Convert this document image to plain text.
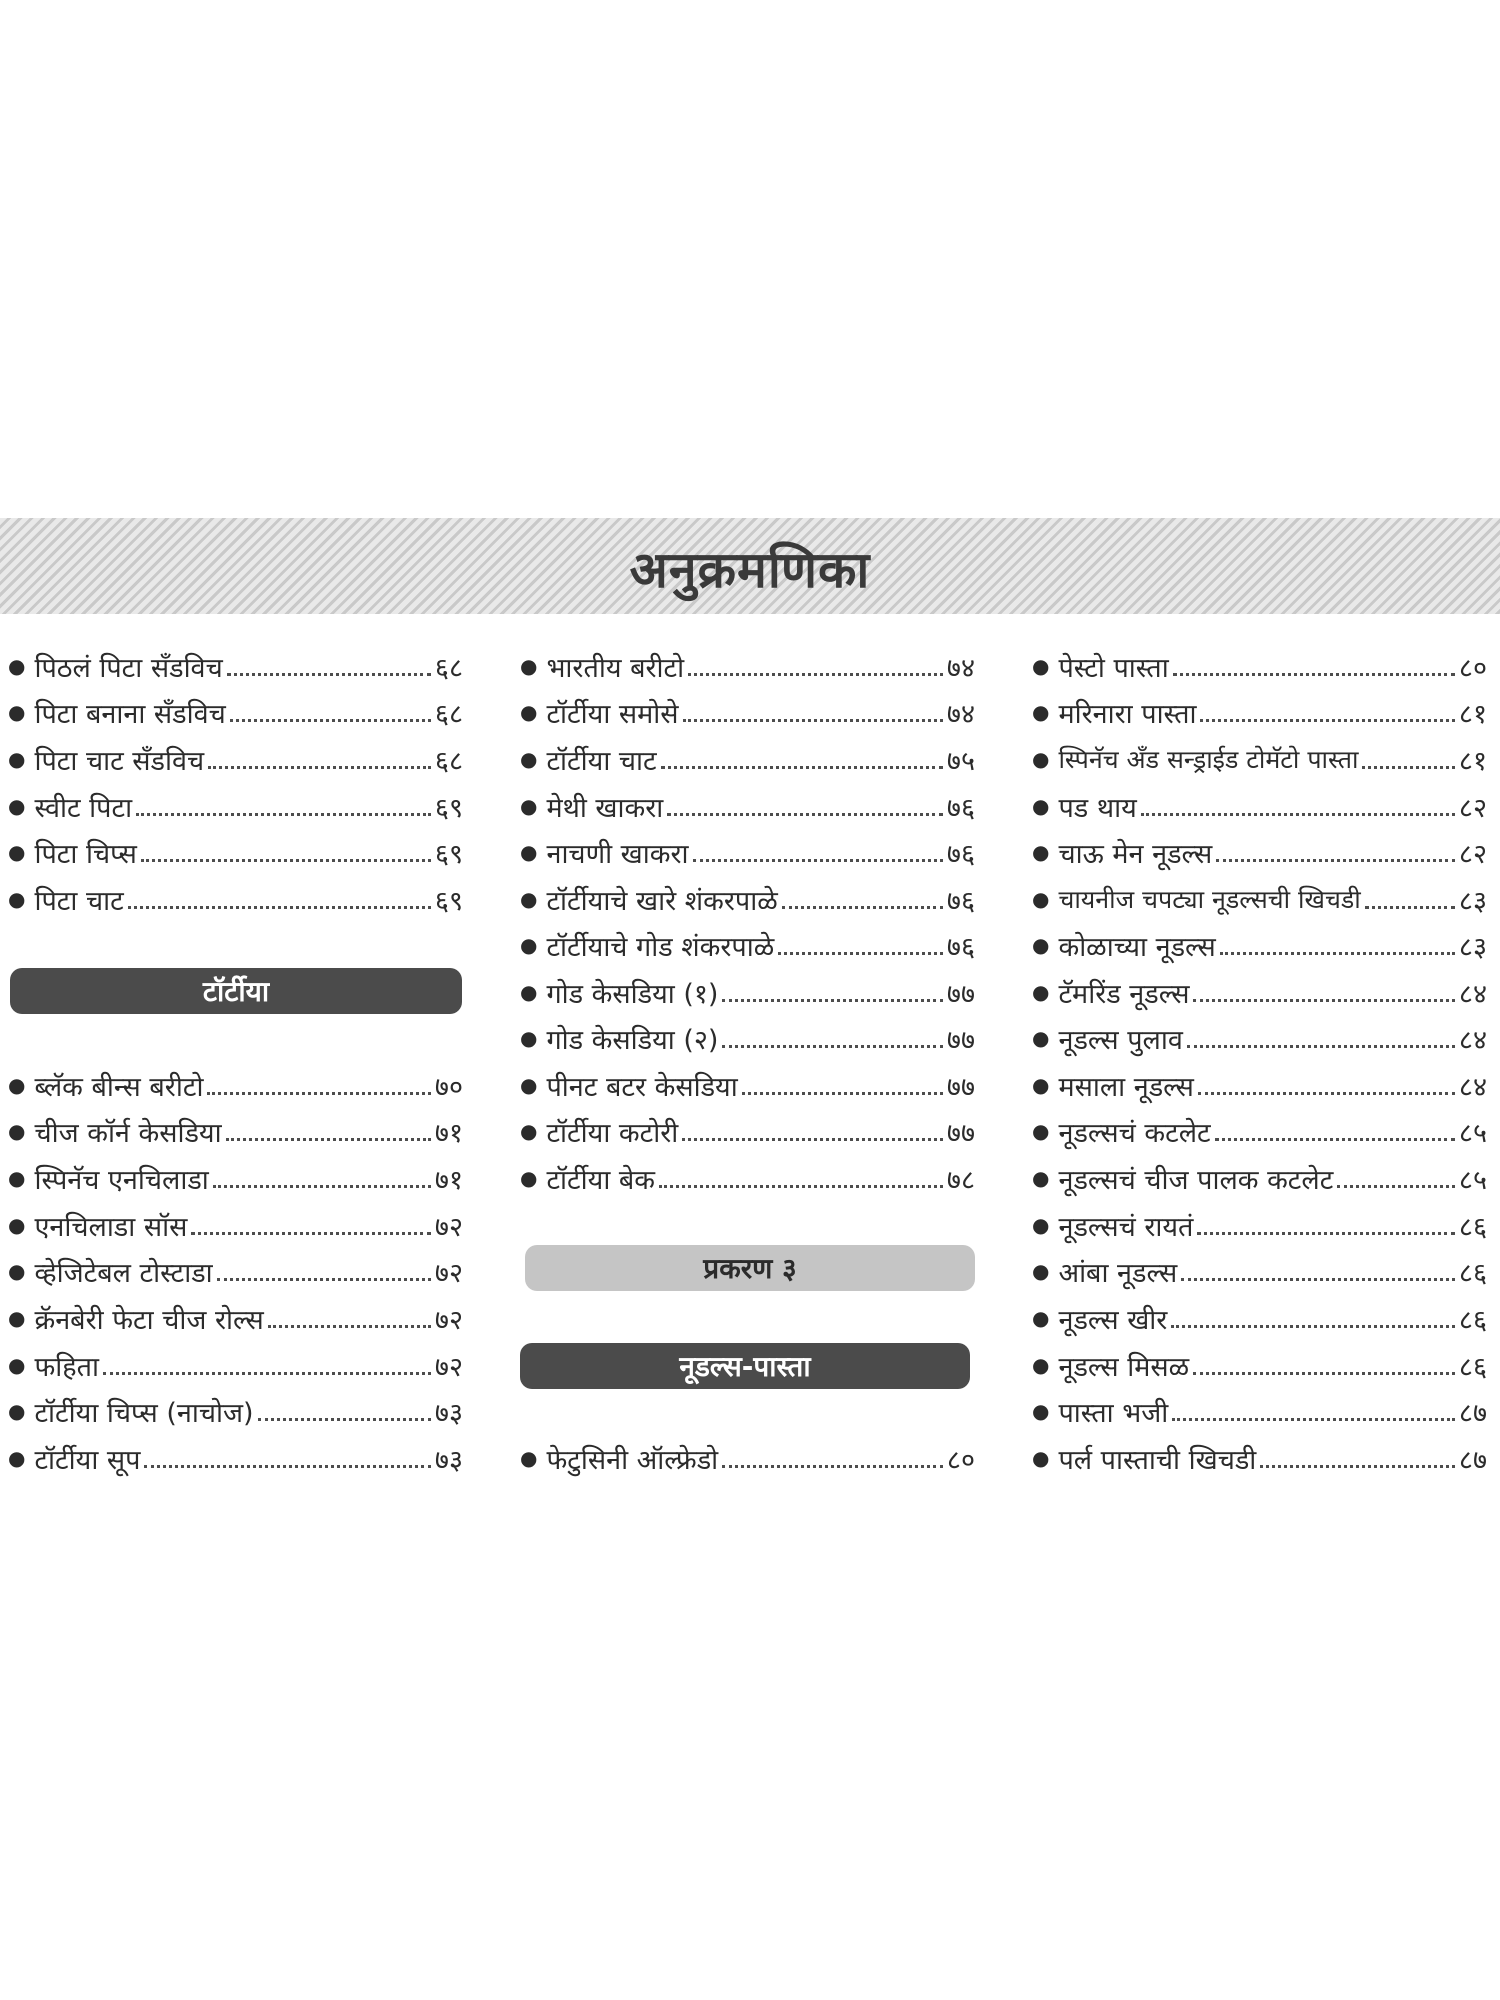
अनुक्रमणिका
● पिठलं पिटा सँडविच	६८
● पिटा बनाना सँडविच	६८
● पिटा चाट सँडविच	६८
● स्वीट पिटा	६९
● पिटा चिप्स	६९
● पिटा चाट	६९
टॉर्टीया
● ब्लॅक बीन्स बरीटो	७०
● चीज कॉर्न केसडिया	७१
● स्पिनॅच एनचिलाडा	७१
● एनचिलाडा सॉस	७२
● व्हेजिटेबल टोस्टाडा	७२
● क्रॅनबेरी फेटा चीज रोल्स	७२
● फहिता	७२
● टॉर्टीया चिप्स (नाचोज)	७३
● टॉर्टीया सूप	७३
● भारतीय बरीटो	७४
● टॉर्टीया समोसे	७४
● टॉर्टीया चाट	७५
● मेथी खाकरा	७६
● नाचणी खाकरा	७६
● टॉर्टीयाचे खारे शंकरपाळे	७६
● टॉर्टीयाचे गोड शंकरपाळे	७६
● गोड केसडिया (१)	७७
● गोड केसडिया (२)	७७
● पीनट बटर केसडिया	७७
● टॉर्टीया कटोरी	७७
● टॉर्टीया बेक	७८
प्रकरण ३
नूडल्स-पास्ता
● फेटुसिनी ऑल्फ्रेडो	८०
● पेस्टो पास्ता	८०
● मरिनारा पास्ता	८१
● स्पिनॅच अँड सन्ड्राईड टोमॅटो पास्ता	८१
● पड थाय	८२
● चाऊ मेन नूडल्स	८२
● चायनीज चपट्या नूडल्सची खिचडी	८३
● कोळाच्या नूडल्स	८३
● टॅमरिंड नूडल्स	८४
● नूडल्स पुलाव	८४
● मसाला नूडल्स	८४
● नूडल्सचं कटलेट	८५
● नूडल्सचं चीज पालक कटलेट	८५
● नूडल्सचं रायतं	८६
● आंबा नूडल्स	८६
● नूडल्स खीर	८६
● नूडल्स मिसळ	८६
● पास्ता भजी	८७
● पर्ल पास्ताची खिचडी	८७
